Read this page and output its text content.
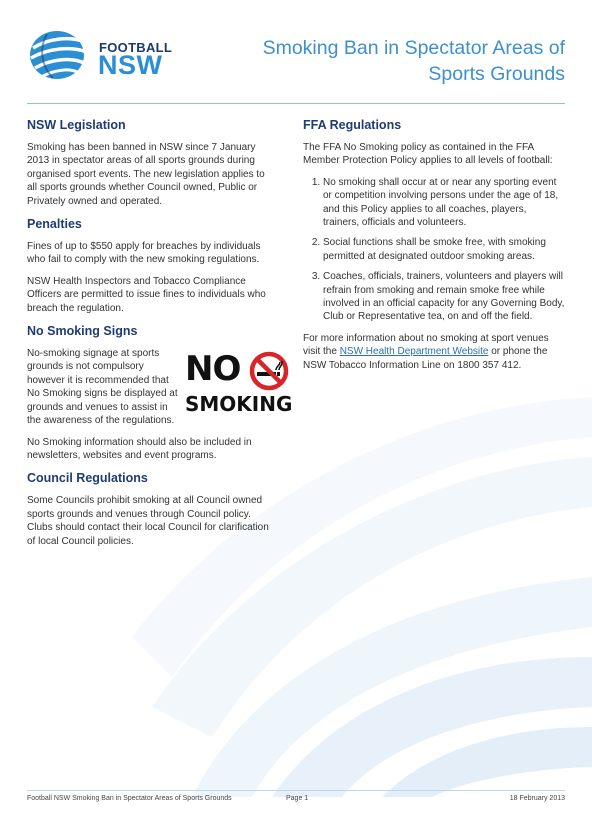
FOOTBALL
NSW
Smoking Ban in Spectator Areas of Sports Grounds
NSW Legislation

Smoking has been banned in NSW since 7 January 2013 in spectator areas of all sports grounds during organised sport events. The new legislation applies to all sports grounds whether Council owned, Public or Privately owned and operated.

Penalties

Fines of up to $550 apply for breaches by individuals who fail to comply with the new smoking regulations.

NSW Health Inspectors and Tobacco Compliance Officers are permitted to issue fines to individuals who breach the regulation.

No Smoking Signs

No-smoking signage at sports grounds is not compulsory however it is recommended that No Smoking signs be displayed at grounds and venues to assist in the awareness of the regulations.

NO
SMOKING

No Smoking information should also be included in newsletters, websites and event programs.

Council Regulations

Some Councils prohibit smoking at all Council owned sports grounds and venues through Council policy. Clubs should contact their local Council for clarification of local Council policies.

FFA Regulations

The FFA No Smoking policy as contained in the FFA Member Protection Policy applies to all levels of football:

1. No smoking shall occur at or near any sporting event or competition involving persons under the age of 18, and this Policy applies to all coaches, players, trainers, officials and volunteers.
2. Social functions shall be smoke free, with smoking permitted at designated outdoor smoking areas.
3. Coaches, officials, trainers, volunteers and players will refrain from smoking and remain smoke free while involved in an official capacity for any Governing Body, Club or Representative tea, on and off the field.

For more information about no smoking at sport venues visit the NSW Health Department Website or phone the NSW Tobacco Information Line on 1800 357 412.

Football NSW Smoking Ban in Spectator Areas of Sports Grounds	Page 1	18 February 2013
